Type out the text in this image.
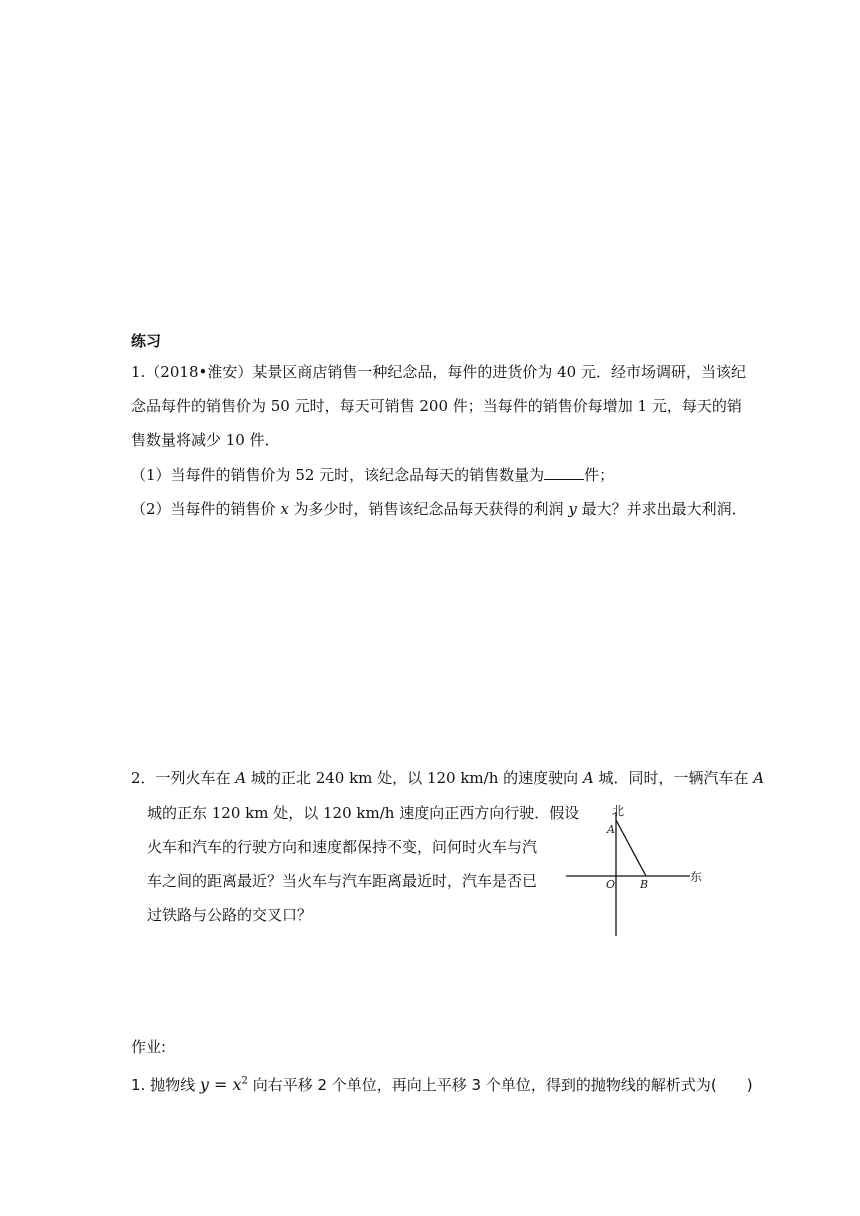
练习
1.（2018•淮安）某景区商店销售一种纪念品，每件的进货价为 40 元．经市场调研，当该纪
念品每件的销售价为 50 元时，每天可销售 200 件；当每件的销售价每增加 1 元，每天的销
售数量将减少 10 件．
（1）当每件的销售价为 52 元时，该纪念品每天的销售数量为	件；
（2）当每件的销售价 x 为多少时，销售该纪念品每天获得的利润 y 最大？并求出最大利润．
2．一列火车在 A 城的正北 240 km 处，以 120 km/h 的速度驶向 A 城．同时，一辆汽车在 A
城的正东 120 km 处，以 120 km/h 速度向正西方向行驶．假设
火车和汽车的行驶方向和速度都保持不变，问何时火车与汽
车之间的距离最近？当火车与汽车距离最近时，汽车是否已
过铁路与公路的交叉口？
北
东
A
O B
作业:
1. 抛物线 $y = x^2$ 向右平移 2 个单位，再向上平移 3 个单位，得到的抛物线的解析式为(　　)
